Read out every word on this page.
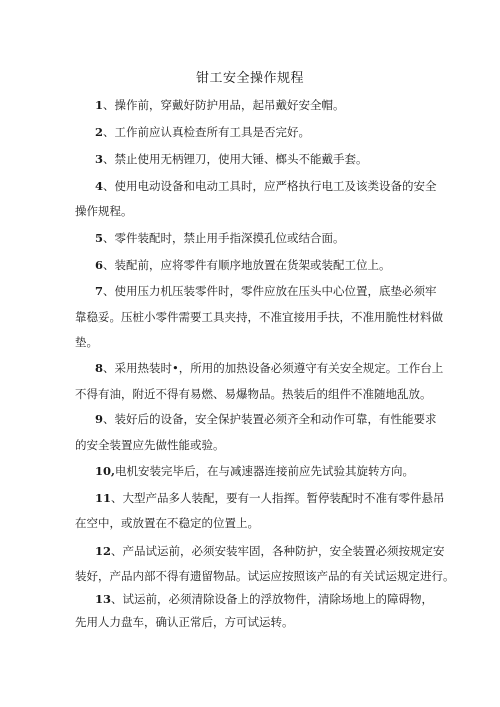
钳工安全操作规程
1、操作前，穿戴好防护用品，起吊戴好安全帽。
2、工作前应认真检查所有工具是否完好。
3、禁止使用无柄锂刀，使用大锤、榔头不能戴手套。
4、使用电动设备和电动工具时，应严格执行电工及该类设备的安全
操作规程。
5、零件装配时，禁止用手指深摸孔位或结合面。
6、装配前，应将零件有顺序地放置在货架或装配工位上。
7、使用压力机压装零件时，零件应放在压头中心位置，底垫必须牢
靠稳妥。压桩小零件需要工具夹持，不准宜接用手扶，不准用脆性材料做
垫。
8、采用热装时•，所用的加热设备必须遵守有关安全规定。工作台上
不得有油，附近不得有易燃、易爆物品。热装后的组件不准随地乱放。
9、装好后的设备，安全保护装置必须齐全和动作可靠，有性能要求
的安全装置应先做性能或验。
10,电机安装完毕后，在与减速器连接前应先试验其旋转方向。
11、大型产品多人装配，要有一人指挥。暂停装配时不准有零件悬吊
在空中，或放置在不稳定的位置上。
12、产品试运前，必须安装牢固，各种防护，安全装置必须按规定安
装好，产品内部不得有遗留物品。试运应按照该产品的有关试运规定进行。
13、试运前，必须清除设备上的浮放物件，清除场地上的障碍物，
先用人力盘车，确认正常后，方可试运转。
